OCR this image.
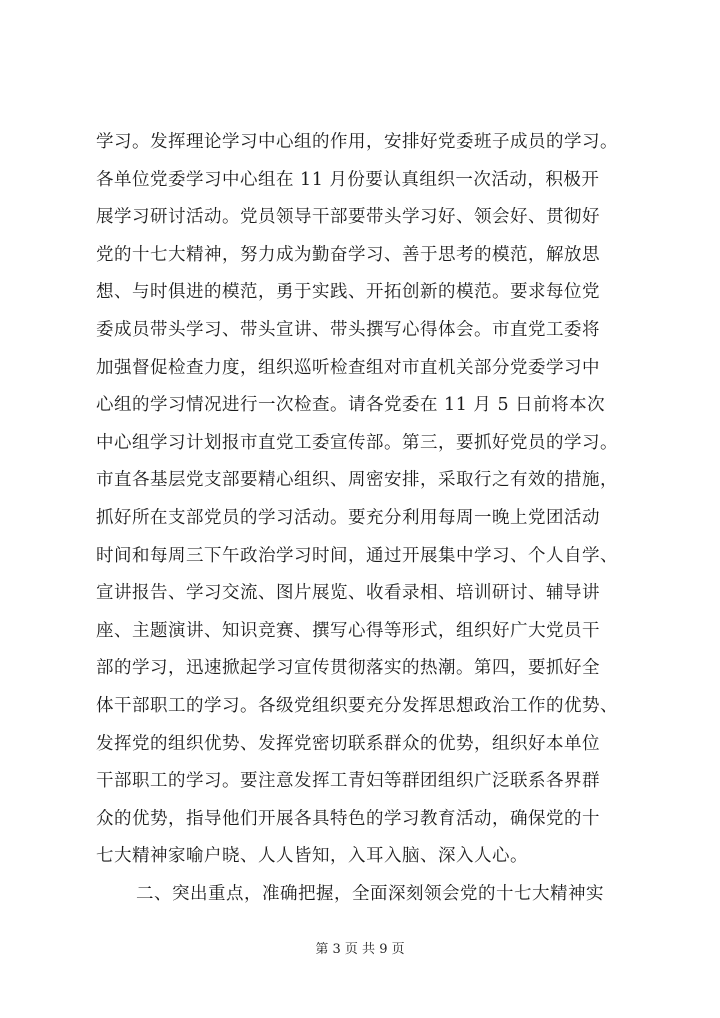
学习。发挥理论学习中心组的作用，安排好党委班子成员的学习。
各单位党委学习中心组在 11 月份要认真组织一次活动，积极开
展学习研讨活动。党员领导干部要带头学习好、领会好、贯彻好
党的十七大精神，努力成为勤奋学习、善于思考的模范，解放思
想、与时俱进的模范，勇于实践、开拓创新的模范。要求每位党
委成员带头学习、带头宣讲、带头撰写心得体会。市直党工委将
加强督促检查力度，组织巡听检查组对市直机关部分党委学习中
心组的学习情况进行一次检查。请各党委在 11 月 5 日前将本次
中心组学习计划报市直党工委宣传部。第三，要抓好党员的学习。
市直各基层党支部要精心组织、周密安排，采取行之有效的措施，
抓好所在支部党员的学习活动。要充分利用每周一晚上党团活动
时间和每周三下午政治学习时间，通过开展集中学习、个人自学、
宣讲报告、学习交流、图片展览、收看录相、培训研讨、辅导讲
座、主题演讲、知识竞赛、撰写心得等形式，组织好广大党员干
部的学习，迅速掀起学习宣传贯彻落实的热潮。第四，要抓好全
体干部职工的学习。各级党组织要充分发挥思想政治工作的优势、
发挥党的组织优势、发挥党密切联系群众的优势，组织好本单位
干部职工的学习。要注意发挥工青妇等群团组织广泛联系各界群
众的优势，指导他们开展各具特色的学习教育活动，确保党的十
七大精神家喻户晓、人人皆知，入耳入脑、深入人心。
二、突出重点，准确把握，全面深刻领会党的十七大精神实
第 3 页 共 9 页
